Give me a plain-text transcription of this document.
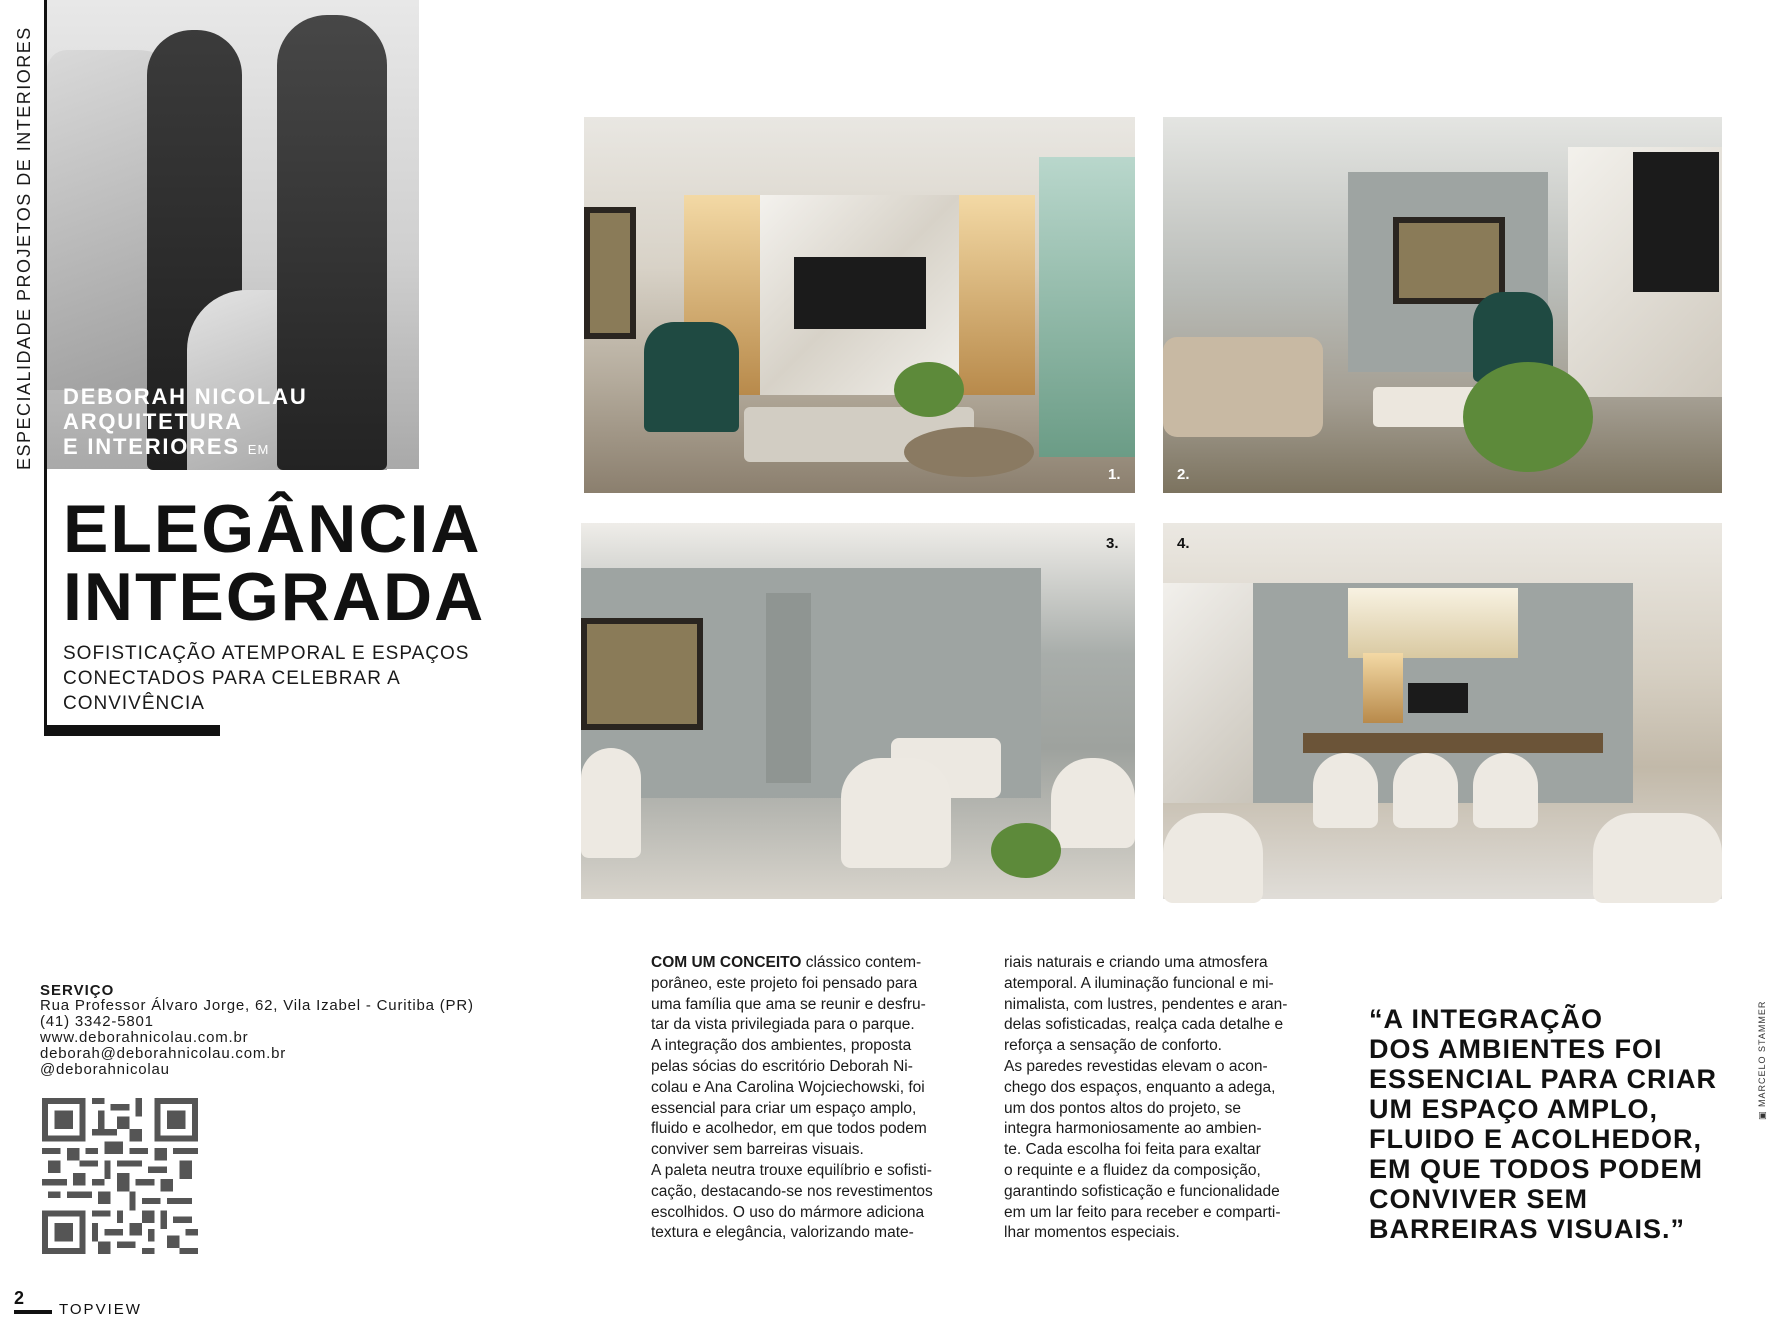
ESPECIALIDADE PROJETOS DE INTERIORES	DEBORAH NICOLAU
ARQUITETURA
E INTERIORES EM
ELEGÂNCIA
INTEGRADA
SOFISTICAÇÃO ATEMPORAL E ESPAÇOS
CONECTADOS PARA CELEBRAR A
CONVIVÊNCIA
1.	2.
3.	4.
SERVIÇO
Rua Professor Álvaro Jorge, 62, Vila Izabel - Curitiba (PR)
(41) 3342-5801
www.deborahnicolau.com.br
deborah@deborahnicolau.com.br
@deborahnicolau

COM UM CONCEITO clássico contem-

porâneo, este projeto foi pensado para

uma família que ama se reunir e desfru-

tar da vista privilegiada para o parque.

A integração dos ambientes, proposta

pelas sócias do escritório Deborah Ni-

colau e Ana Carolina Wojciechowski, foi

essencial para criar um espaço amplo,

fluido e acolhedor, em que todos podem

conviver sem barreiras visuais.

A paleta neutra trouxe equilíbrio e sofisti-

cação, destacando-se nos revestimentos

escolhidos. O uso do mármore adiciona

textura e elegância, valorizando mate-

riais naturais e criando uma atmosfera

atemporal. A iluminação funcional e mi-

nimalista, com lustres, pendentes e aran-

delas sofisticadas, realça cada detalhe e

reforça a sensação de conforto.

As paredes revestidas elevam o acon-

chego dos espaços, enquanto a adega,

um dos pontos altos do projeto, se

integra harmoniosamente ao ambien-

te. Cada escolha foi feita para exaltar

o requinte e a fluidez da composição,

garantindo sofisticação e funcionalidade

em um lar feito para receber e comparti-

lhar momentos especiais.

“A INTEGRAÇÃO
DOS AMBIENTES FOI
ESSENCIAL PARA CRIAR
UM ESPAÇO AMPLO,
FLUIDO E ACOLHEDOR,
EM QUE TODOS PODEM
CONVIVER SEM
BARREIRAS VISUAIS.”
▣ MARCELO STAMMER
2
TOPVIEW
